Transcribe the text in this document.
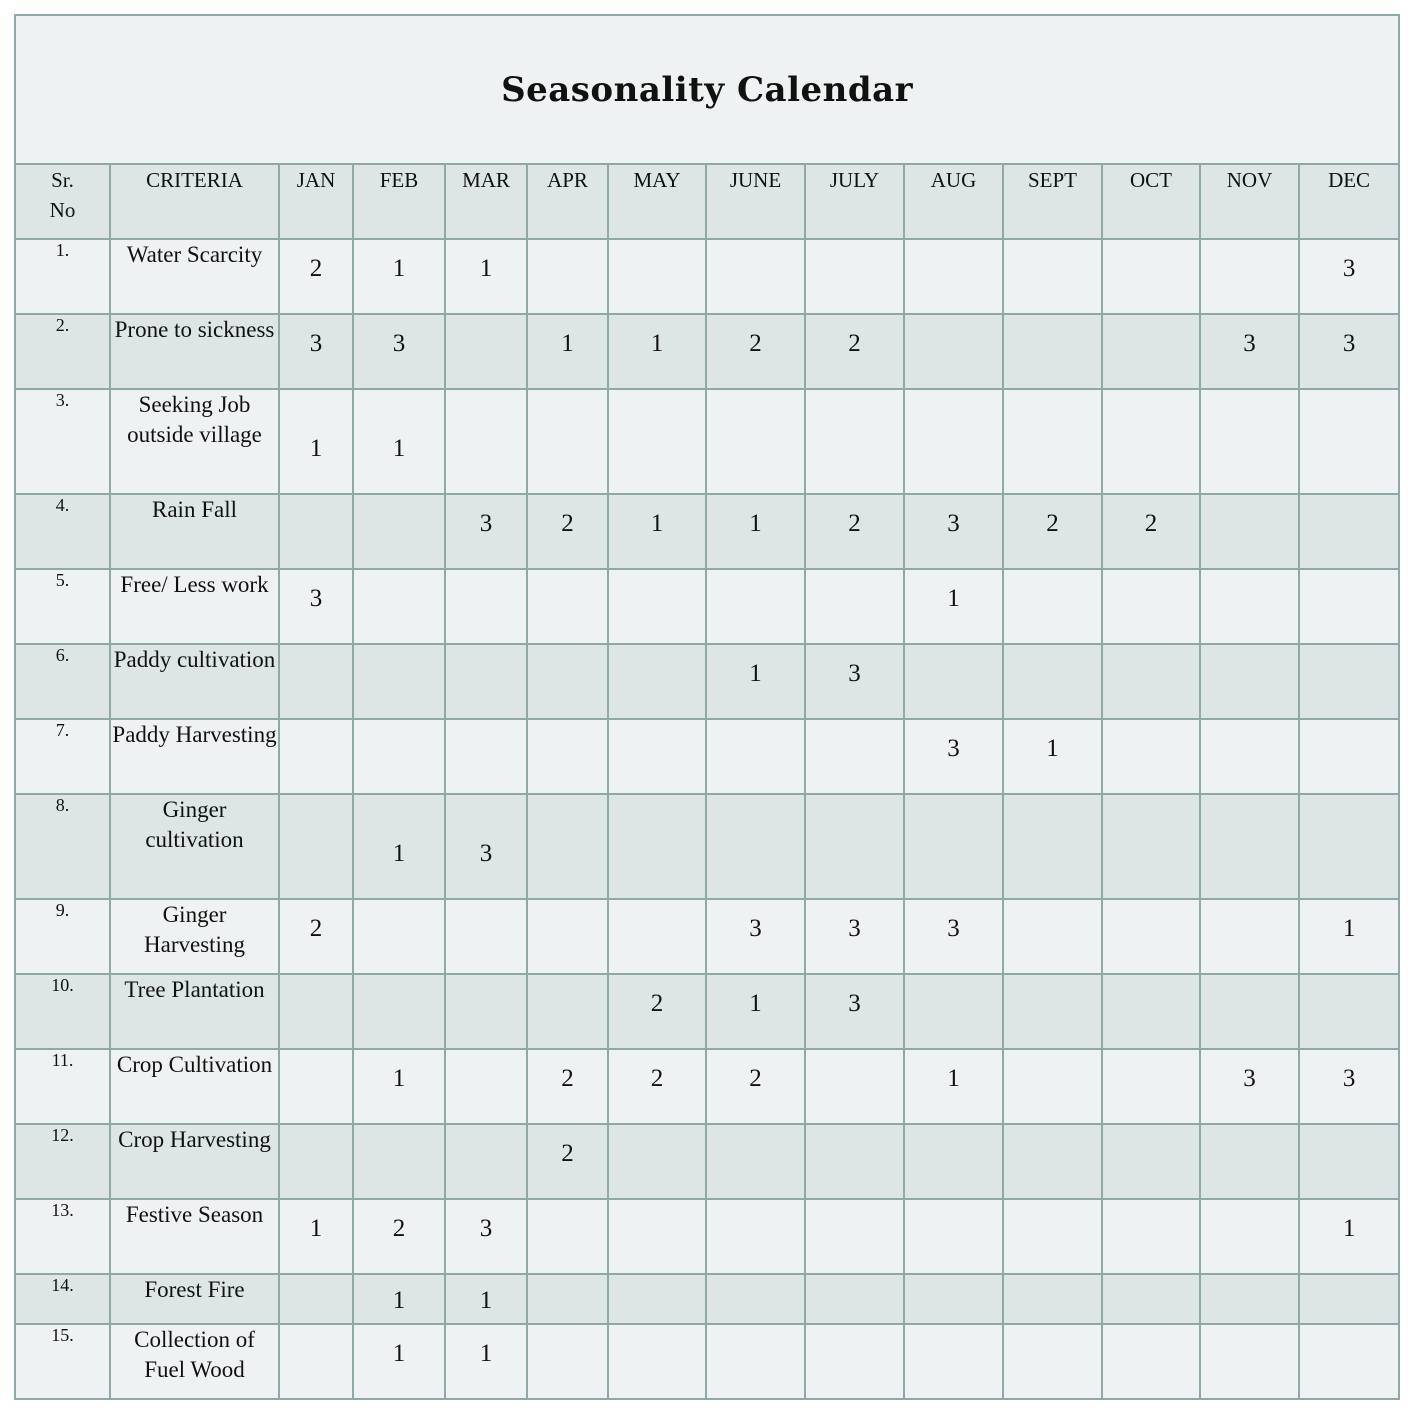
Seasonality Calendar													
Sr.
No	CRITERIA	JAN	FEB	MAR	APR	MAY	JUNE	JULY	AUG	SEPT	OCT	NOV	DEC
1.	Water Scarcity	2	1	1									3

2.	Prone to sickness	3	3		1	1	2	2				3	3

3.	Seeking Job outside village	1	1										

4.	Rain Fall			3	2	1	1	2	3	2	2		

5.	Free/ Less work	3							1				

6.	Paddy cultivation						1	3					

7.	Paddy Harvesting								3	1			

8.	Ginger cultivation		1	3									

9.	Ginger Harvesting	2					3	3	3				1

10.	Tree Plantation					2	1	3					

11.	Crop Cultivation		1		2	2	2		1			3	3

12.	Crop Harvesting				2								

13.	Festive Season	1	2	3									1

14.	Forest Fire		1	1									

15.	Collection of Fuel Wood		1	1									
